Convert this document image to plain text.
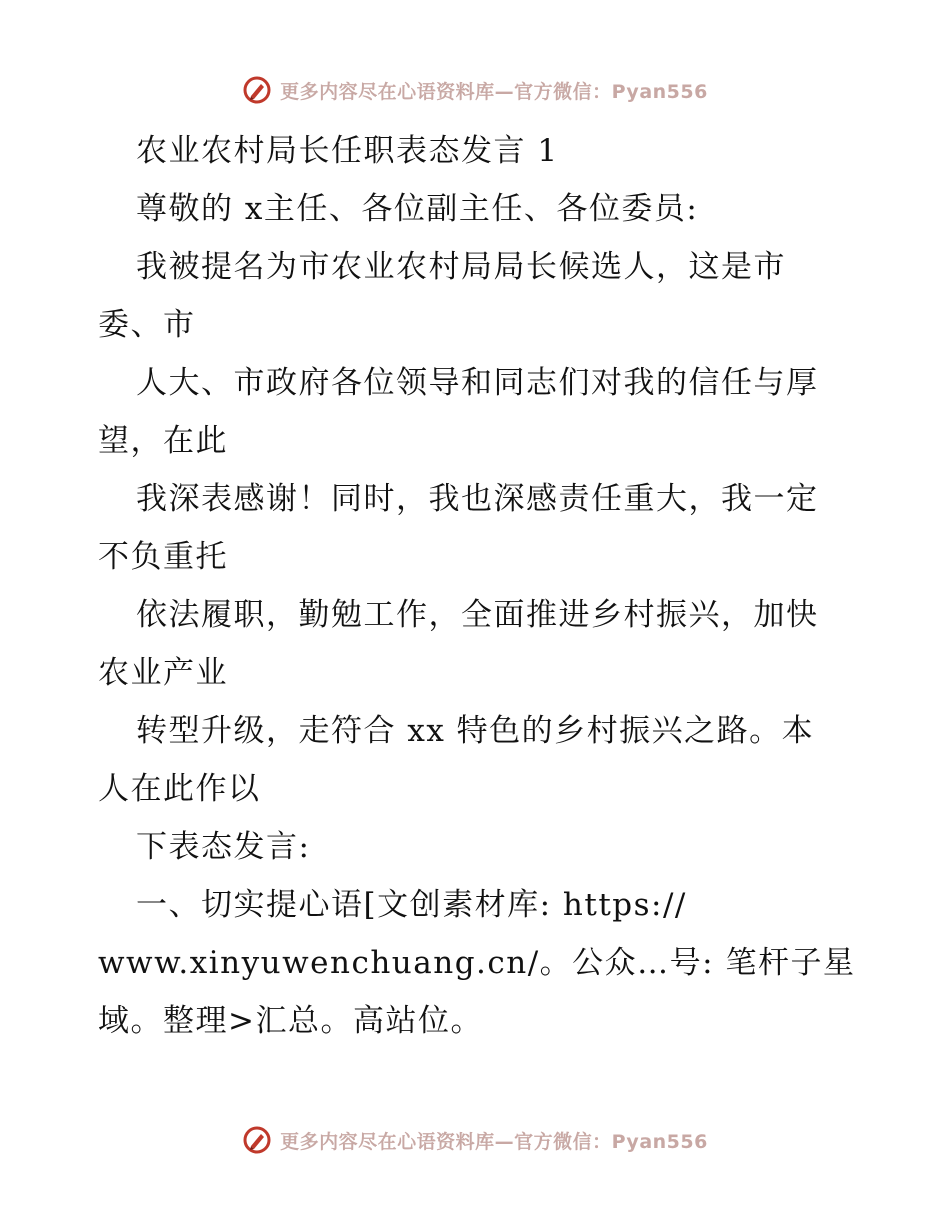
更多内容尽在心语资料库—官方微信：Pyan556
农业农村局长任职表态发言 1
尊敬的 x主任、各位副主任、各位委员:
我被提名为市农业农村局局长候选人，这是市
委、市
人大、市政府各位领导和同志们对我的信任与厚
望，在此
我深表感谢！同时，我也深感责任重大，我一定
不负重托
依法履职，勤勉工作，全面推进乡村振兴，加快
农业产业
转型升级，走符合 xx 特色的乡村振兴之路。本
人在此作以
下表态发言:
一、切实提心语[文创素材库: https://
www.xinyuwenchuang.cn/。公众…号: 笔杆子星
域。整理>汇总。高站位。
更多内容尽在心语资料库—官方微信：Pyan556
